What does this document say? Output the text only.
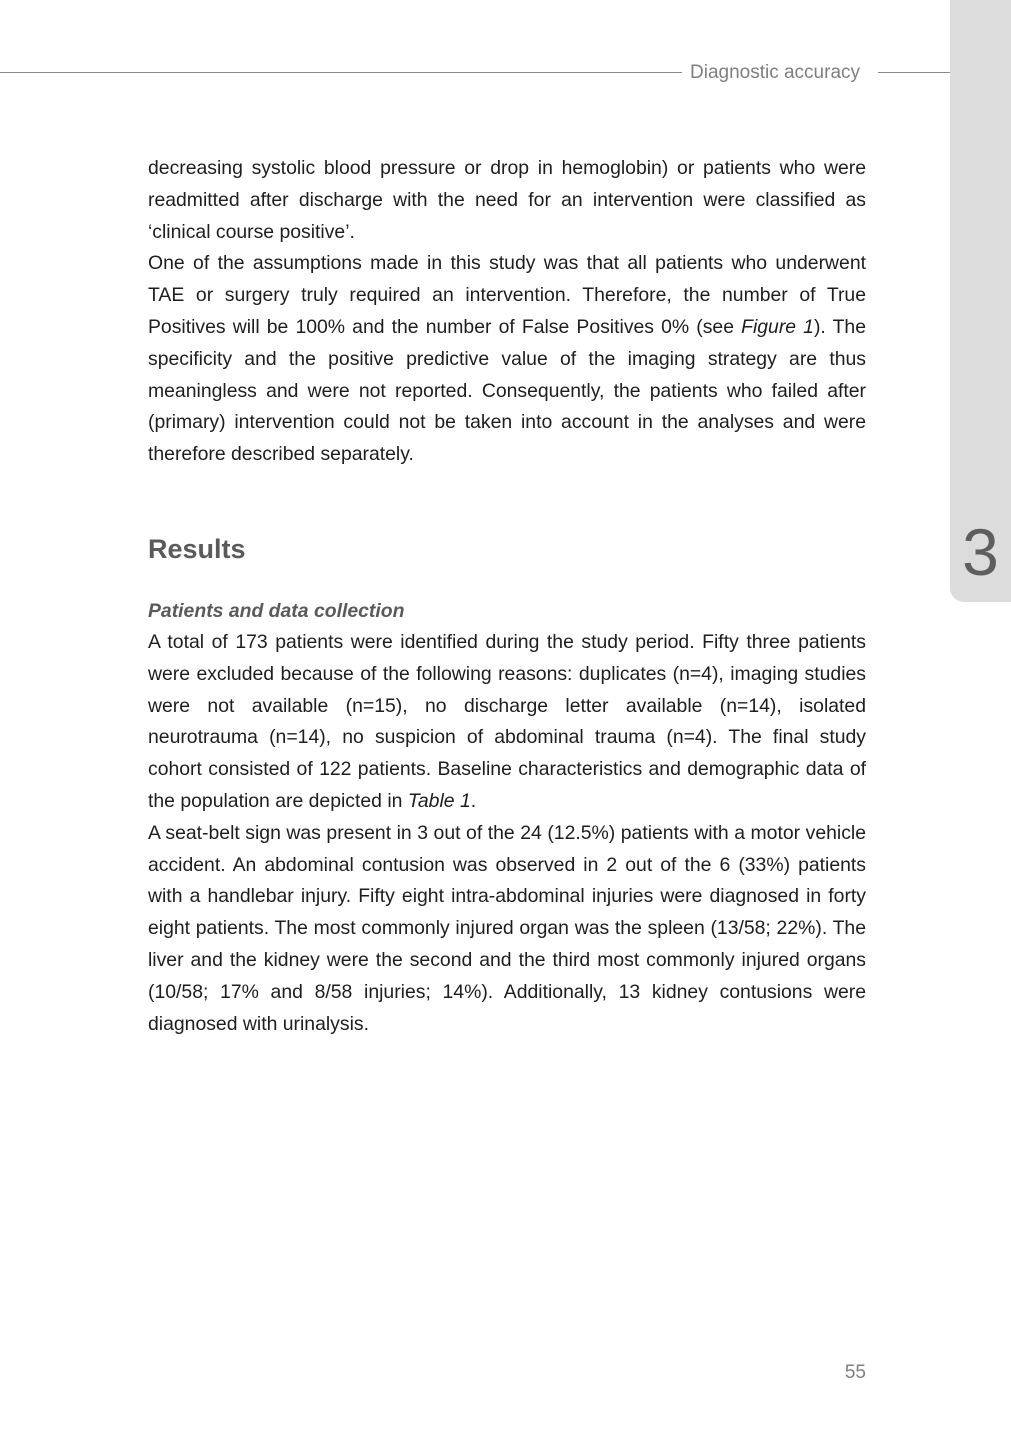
Diagnostic accuracy
3

decreasing systolic blood pressure or drop in hemoglobin) or patients who were readmitted after discharge with the need for an intervention were classified as ‘clinical course positive’.

One of the assumptions made in this study was that all patients who underwent TAE or surgery truly required an intervention. Therefore, the number of True Positives will be 100% and the number of False Positives 0% (see Figure 1). The specificity and the positive predictive value of the imaging strategy are thus meaningless and were not reported. Consequently, the patients who failed after (primary) intervention could not be taken into account in the analyses and were therefore described separately.

Results
Patients and data collection

A total of 173 patients were identified during the study period. Fifty three patients were excluded because of the following reasons: duplicates (n=4), imaging studies were not available (n=15), no discharge letter available (n=14), isolated neurotrauma (n=14), no suspicion of abdominal trauma (n=4). The final study cohort consisted of 122 patients. Baseline characteristics and demographic data of the population are depicted in Table 1.

A seat-belt sign was present in 3 out of the 24 (12.5%) patients with a motor vehicle accident. An abdominal contusion was observed in 2 out of the 6 (33%) patients with a handlebar injury. Fifty eight intra-abdominal injuries were diagnosed in forty eight patients. The most commonly injured organ was the spleen (13/58; 22%). The liver and the kidney were the second and the third most commonly injured organs (10/58; 17% and 8/58 injuries; 14%). Additionally, 13 kidney contusions were diagnosed with urinalysis.

55
